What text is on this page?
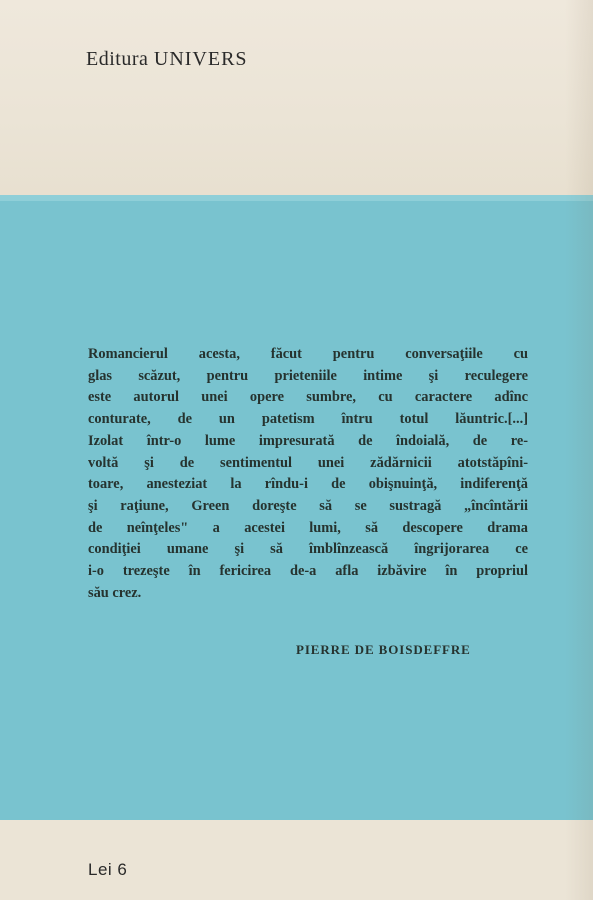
Editura UNIVERS
Romancierul acesta, făcut pentru conversaţiile cu
glas scăzut, pentru prieteniile intime şi reculegere
este autorul unei opere sumbre, cu caractere adînc
conturate, de un patetism întru totul lăuntric.[...]
Izolat într-o lume impresurată de îndoială, de re-
voltă şi de sentimentul unei zădărnicii atotstăpîni-
toare, anesteziat la rîndu-i de obişnuinţă, indiferenţă
şi raţiune, Green doreşte să se sustragă „încîntării
de neînţeles" a acestei lumi, să descopere drama
condiţiei umane şi să îmblînzească îngrijorarea ce
i-o trezeşte în fericirea de-a afla izbăvire în propriul
său crez.
PIERRE DE BOISDEFFRE
Lei 6
